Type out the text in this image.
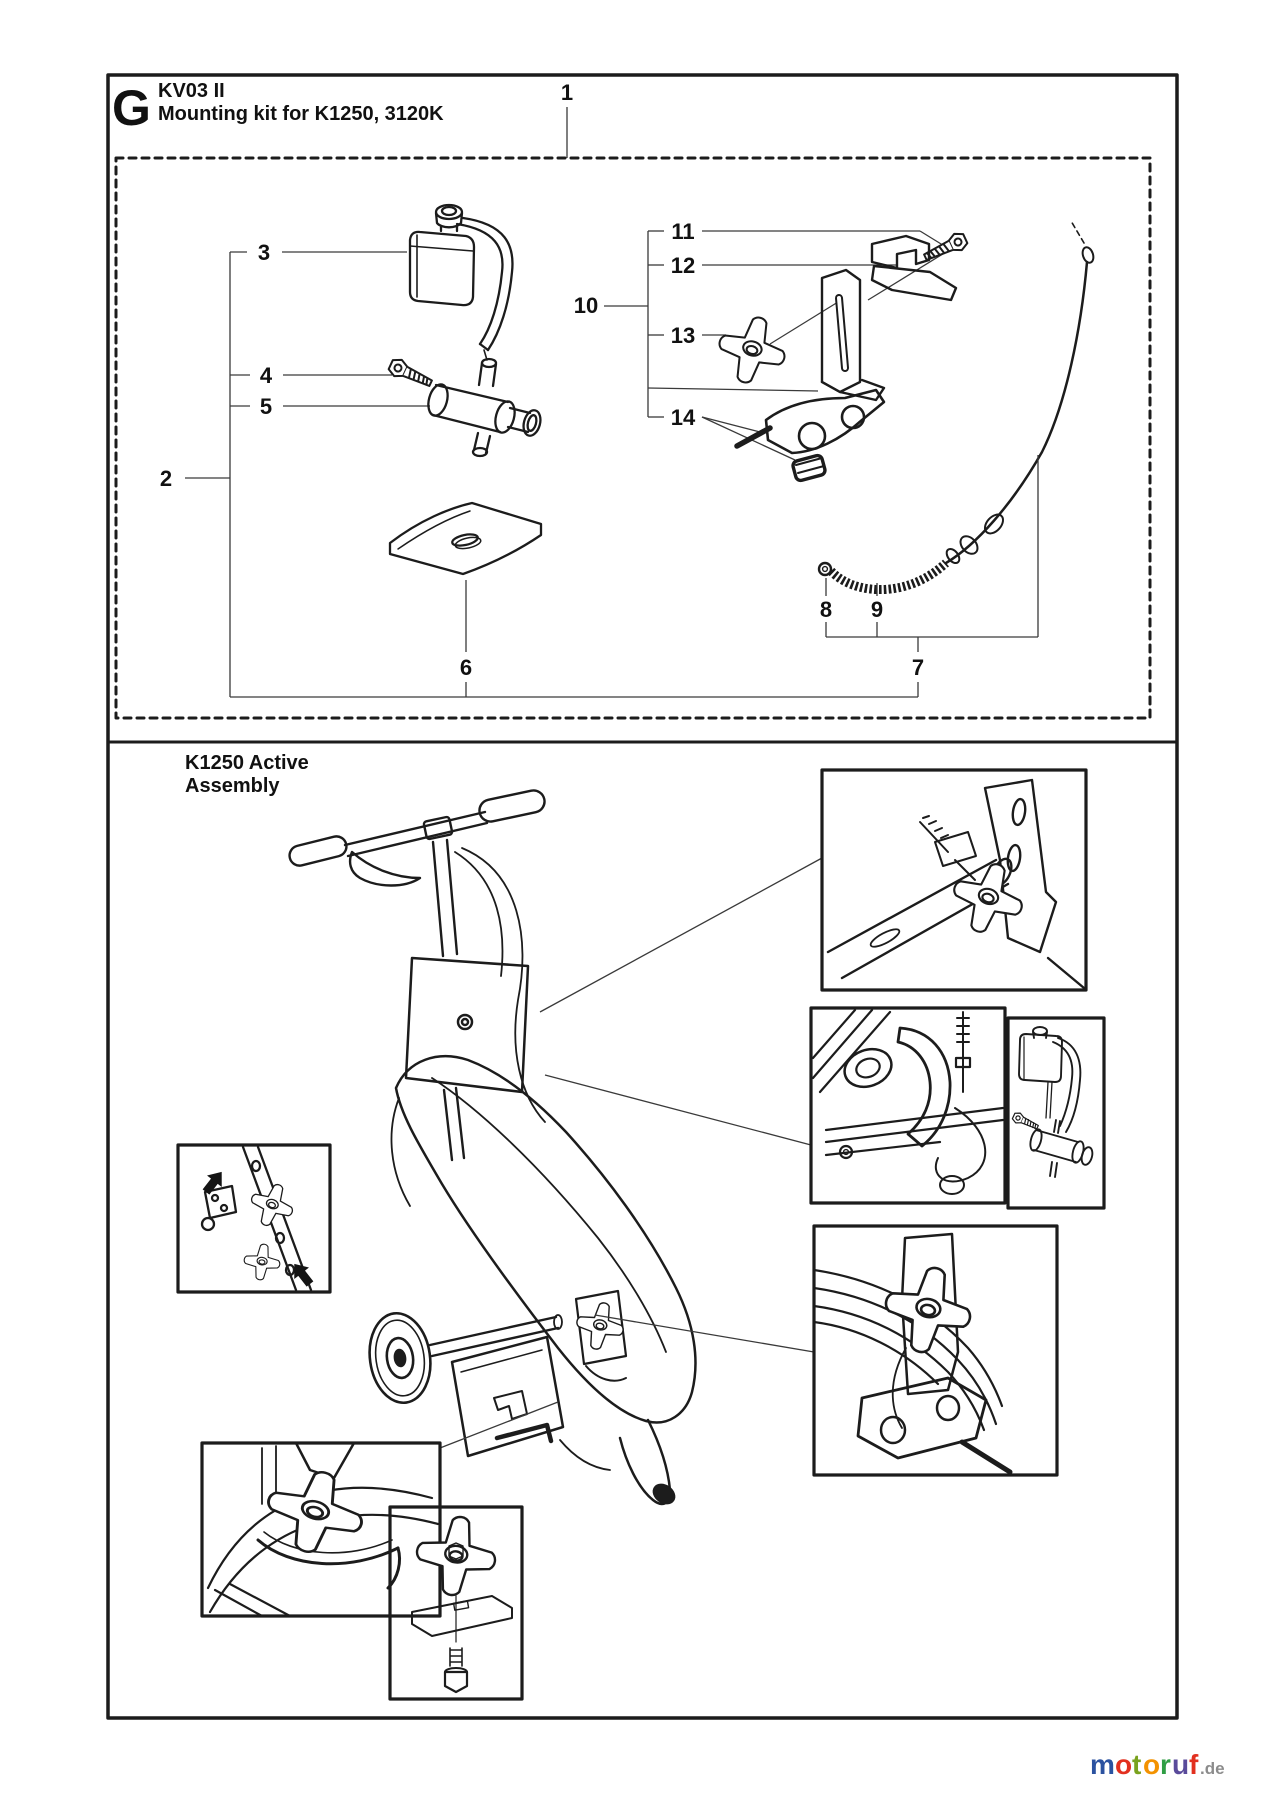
G KV03 II
Mounting kit for K1250, 3120K
1
2
3
4
5
6	7
8 9
10
11
12
13
14
K1250 Active
Assembly
m o t o r u f .de
